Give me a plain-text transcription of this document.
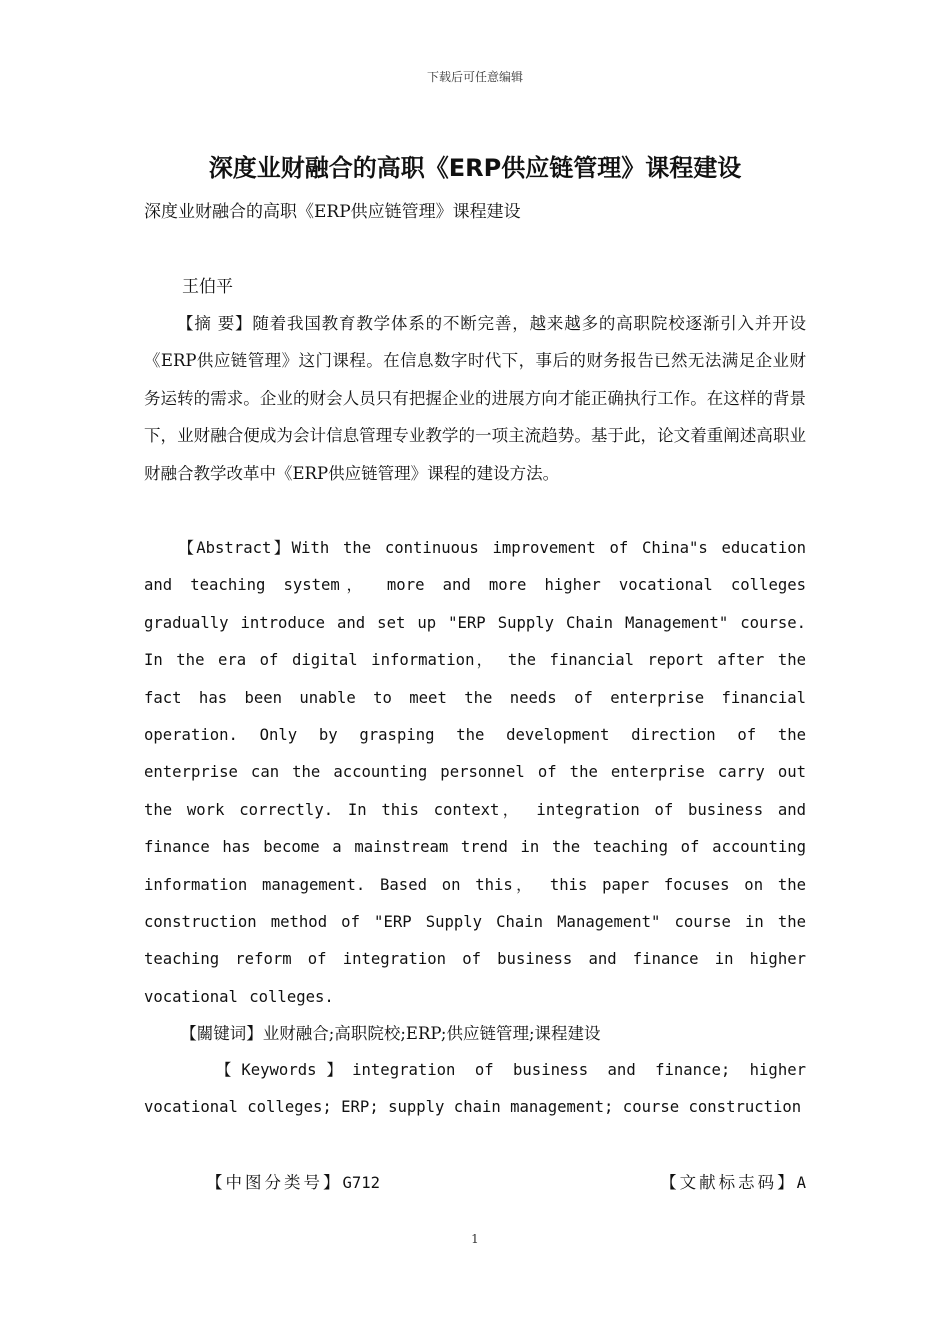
下载后可任意编辑
深度业财融合的高职《ERP供应链管理》课程建设
深度业财融合的高职《ERP供应链管理》课程建设
王伯平

【摘 要】随着我国教育教学体系的不断完善，越来越多的高职院校逐渐引入并开设《ERP供应链管理》这门课程。在信息数字时代下，事后的财务报告已然无法满足企业财务运转的需求。企业的财会人员只有把握企业的进展方向才能正确执行工作。在这样的背景下，业财融合便成为会计信息管理专业教学的一项主流趋势。基于此，论文着重阐述高职业财融合教学改革中《ERP供应链管理》课程的建设方法。

【Abstract】With the continuous improvement of China"s education and teaching system， more and more higher vocational colleges gradually introduce and set up "ERP Supply Chain Management" course. In the era of digital information， the financial report after the fact has been unable to meet the needs of enterprise financial operation. Only by grasping the development direction of the enterprise can the accounting personnel of the enterprise carry out the work correctly. In this context， integration of business and finance has become a mainstream trend in the teaching of accounting information management. Based on this， this paper focuses on the construction method of "ERP Supply Chain Management" course in the teaching reform of integration of business and finance in higher vocational colleges.

【關键词】业财融合;高职院校;ERP;供应链管理;课程建设

【Keywords】integration of business and finance; higher vocational colleges; ERP; supply chain management; course construction

【中图分类号】G712	【文献标志码】A
1
